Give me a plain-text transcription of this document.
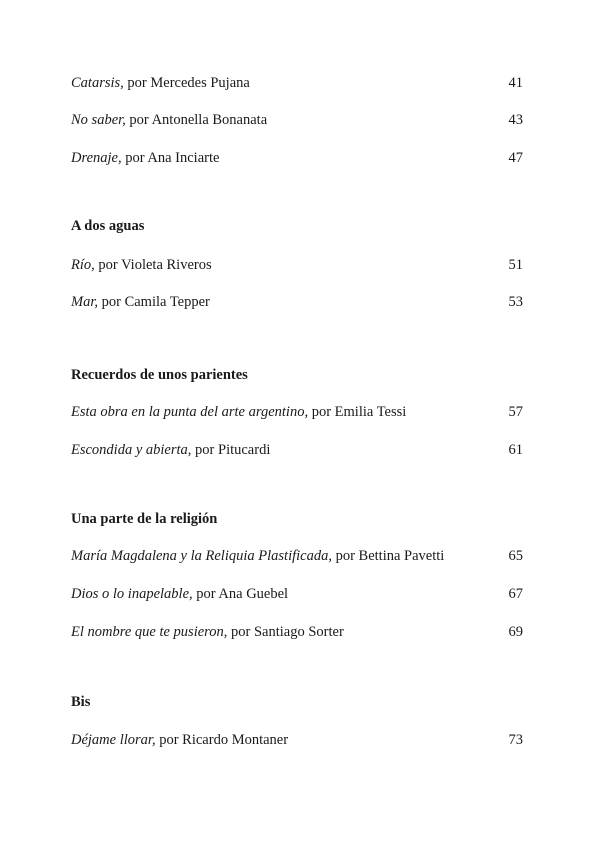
Catarsis, por Mercedes Pujana	41
No saber, por Antonella Bonanata	43
Drenaje, por Ana Inciarte	47
A dos aguas
Río, por Violeta Riveros	51
Mar, por Camila Tepper	53
Recuerdos de unos parientes
Esta obra en la punta del arte argentino, por Emilia Tessi	57
Escondida y abierta, por Pitucardi	61
Una parte de la religión
María Magdalena y la Reliquia Plastificada, por Bettina Pavetti	65
Dios o lo inapelable, por Ana Guebel	67
El nombre que te pusieron, por Santiago Sorter	69
Bis
Déjame llorar, por Ricardo Montaner	73
